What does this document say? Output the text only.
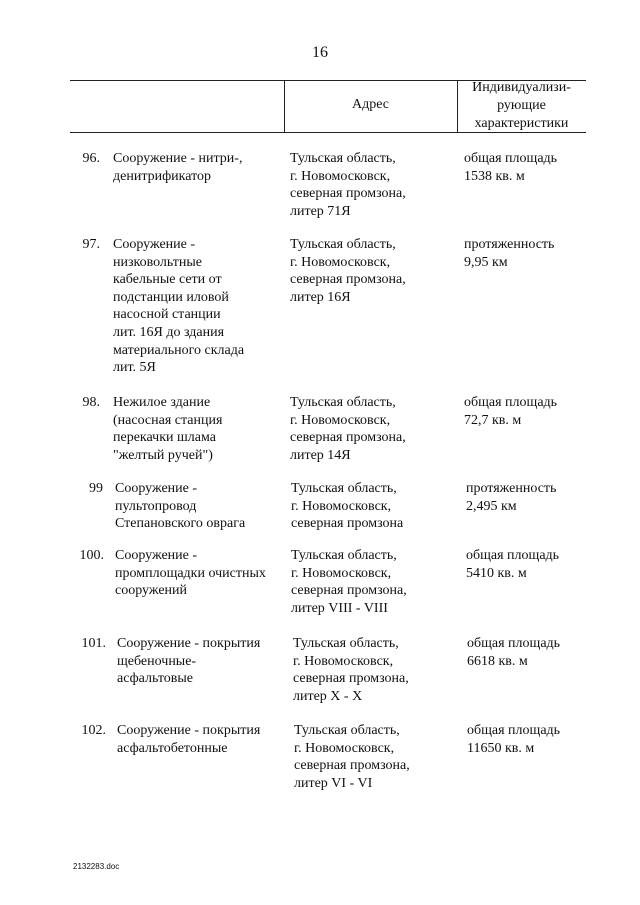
16
Адрес
Индивидуализи-
рующие
характеристики
96. Сооружение - нитри-,
денитрификатор
Тульская область,
г. Новомосковск,
северная промзона,
литер 71Я
общая площадь
1538 кв. м
97. Сооружение -
низковольтные
кабельные сети от
подстанции иловой
насосной станции
лит. 16Я до здания
материального склада
лит. 5Я
Тульская область,
г. Новомосковск,
северная промзона,
литер 16Я
протяженность
9,95 км
98. Нежилое здание
(насосная станция
перекачки шлама
"желтый ручей")
Тульская область,
г. Новомосковск,
северная промзона,
литер 14Я
общая площадь
72,7 кв. м
99 Сооружение -
пультопровод
Степановского оврага
Тульская область,
г. Новомосковск,
северная промзона
протяженность
2,495 км
100. Сооружение -
промплощадки очистных
сооружений
Тульская область,
г. Новомосковск,
северная промзона,
литер VIII - VIII
общая площадь
5410 кв. м
101. Сооружение - покрытия
щебеночные-
асфальтовые
Тульская область,
г. Новомосковск,
северная промзона,
литер X - X
общая площадь
6618 кв. м
102. Сооружение - покрытия
асфальтобетонные
Тульская область,
г. Новомосковск,
северная промзона,
литер VI - VI
общая площадь
11650 кв. м
2132283.doc
